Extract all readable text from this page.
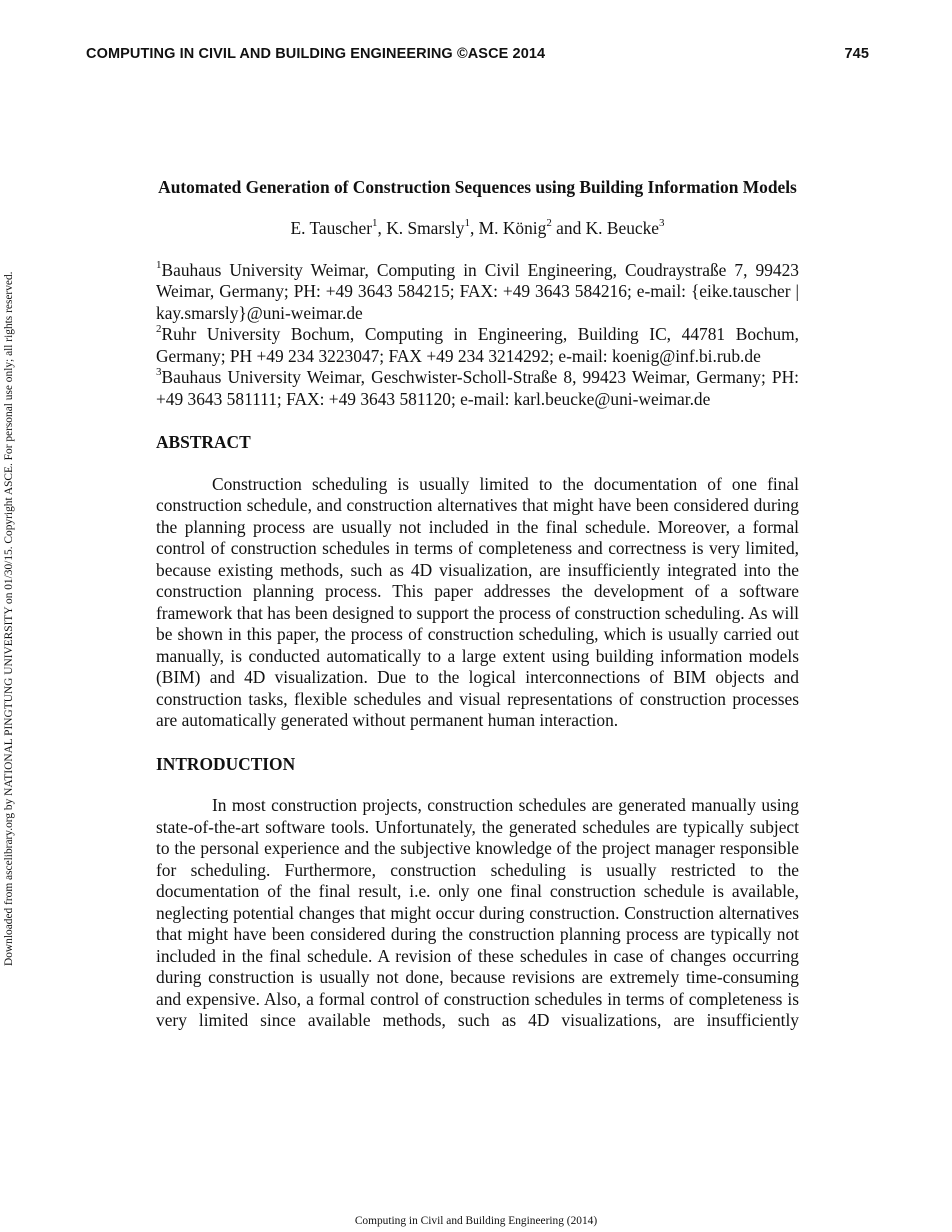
COMPUTING IN CIVIL AND BUILDING ENGINEERING ©ASCE 2014	745
Downloaded from ascelibrary.org by NATIONAL PINGTUNG UNIVERSITY on 01/30/15. Copyright ASCE. For personal use only; all rights reserved.
Automated Generation of Construction Sequences using Building Information Models
E. Tauscher$^1$, K. Smarsly$^1$, M. König$^2$ and K. Beucke$^3$

$^1$Bauhaus University Weimar, Computing in Civil Engineering, Coudraystraße 7, 99423 Weimar, Germany; PH: +49 3643 584215; FAX: +49 3643 584216; e-mail: {eike.tauscher | kay.smarsly}@uni-weimar.de

$^2$Ruhr University Bochum, Computing in Engineering, Building IC, 44781 Bochum, Germany; PH +49 234 3223047; FAX +49 234 3214292; e-mail: koenig@inf.bi.rub.de

$^3$Bauhaus University Weimar, Geschwister-Scholl-Straße 8, 99423 Weimar, Germany; PH: +49 3643 581111; FAX: +49 3643 581120; e-mail: karl.beucke@uni-weimar.de

ABSTRACT

Construction scheduling is usually limited to the documentation of one final construction schedule, and construction alternatives that might have been considered during the planning process are usually not included in the final schedule. Moreover, a formal control of construction schedules in terms of completeness and correctness is very limited, because existing methods, such as 4D visualization, are insufficiently integrated into the construction planning process. This paper addresses the development of a software framework that has been designed to support the process of construction scheduling. As will be shown in this paper, the process of construction scheduling, which is usually carried out manually, is conducted automatically to a large extent using building information models (BIM) and 4D visualization. Due to the logical interconnections of BIM objects and construction tasks, flexible schedules and visual representations of construction processes are automatically generated without permanent human interaction.

INTRODUCTION

In most construction projects, construction schedules are generated manually using state-of-the-art software tools. Unfortunately, the generated schedules are typically subject to the personal experience and the subjective knowledge of the project manager responsible for scheduling. Furthermore, construction scheduling is usually restricted to the documentation of the final result, i.e. only one final construction schedule is available, neglecting potential changes that might occur during construction. Construction alternatives that might have been considered during the construction planning process are typically not included in the final schedule. A revision of these schedules in case of changes occurring during construction is usually not done, because revisions are extremely time-consuming and expensive. Also, a formal control of construction schedules in terms of completeness is very limited since available methods, such as 4D visualizations, are insufficiently

Computing in Civil and Building Engineering (2014)
